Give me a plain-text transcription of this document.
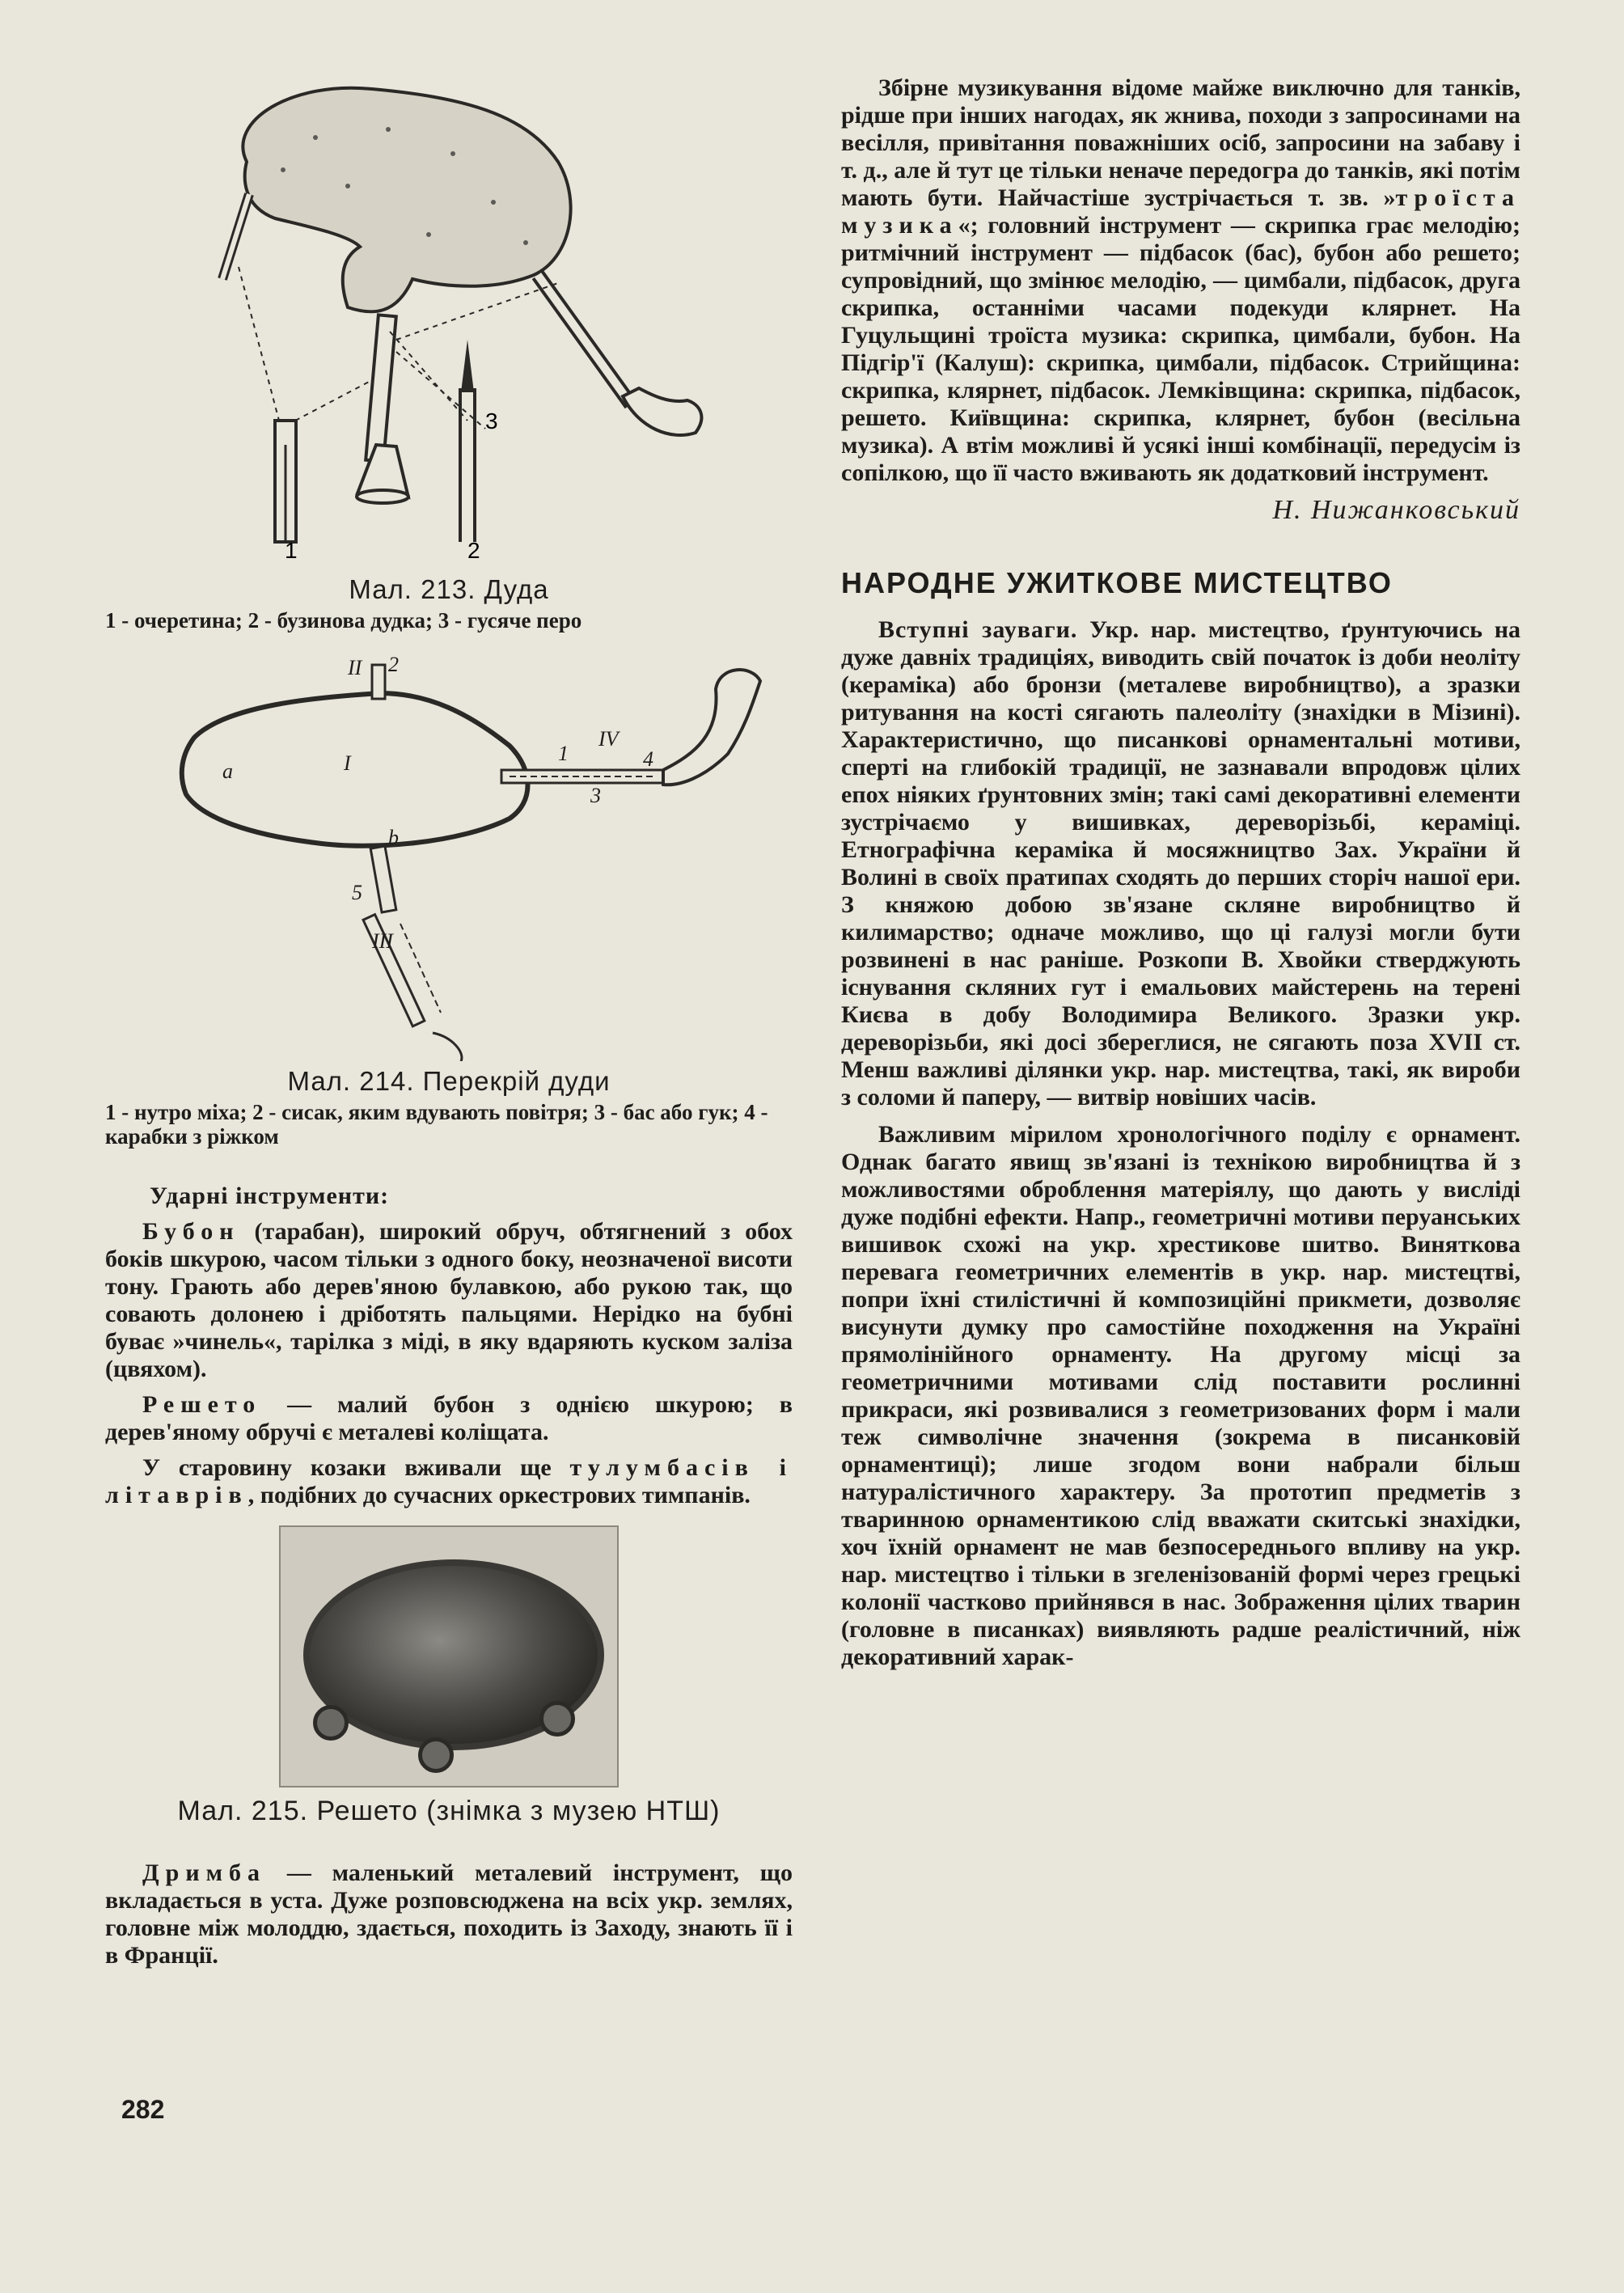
1	2
3

Мал. 213. Дуда

1 - очеретина; 2 - бузинова дудка; 3 - гусяче перо

I
II
III
IV
a
b
1
2
3
4
5

Мал. 214. Перекрій дуди

1 - нутро міха; 2 - сисак, яким вдувають повітря; 3 - бас або гук; 4 - карабки з ріжком

Ударні інструменти:

Бубон (тарабан), широкий обруч, обтягнений з обох боків шкурою, часом тільки з одного боку, неозначеної висоти тону. Грають або дерев'яною булавкою, або рукою так, що совають долонею і дріботять пальцями. Нерідко на бубні буває »чинель«, тарілка з міді, в яку вдаряють куском заліза (цвяхом).

Решето — малий бубон з однією шкурою; в дерев'яному обручі є металеві коліщата.

У старовину козаки вживали ще тулумбасів і літаврів, подібних до сучасних оркестрових тимпанів.

Мал. 215. Решето (знімка з музею НТШ)

Дримба — маленький металевий інструмент, що вкладається в уста. Дуже розповсюджена на всіх укр. землях, головне між молоддю, здається, походить із Заходу, знають її і в Франції.

282

Збірне музикування відоме майже виключно для танків, рідше при інших нагодах, як жнива, походи з запросинами на весілля, привітання поважніших осіб, запросини на забаву і т. д., але й тут це тільки неначе передогра до танків, які потім мають бути. Найчастіше зустрічається т. зв. »троїста музика«; головний інструмент — скрипка грає мелодію; ритмічний інструмент — підбасок (бас), бубон або решето; супровідний, що змінює мелодію, — цимбали, підбасок, друга скрипка, останніми часами подекуди клярнет. На Гуцульщині троїста музика: скрипка, цимбали, бубон. На Підгір'ї (Калуш): скрипка, цимбали, підбасок. Стрийщина: скрипка, клярнет, підбасок. Лемківщина: скрипка, підбасок, решето. Київщина: скрипка, клярнет, бубон (весільна музика). А втім можливі й усякі інші комбінації, передусім із сопілкою, що її часто вживають як додатковий інструмент.

Н. Нижанковський

НАРОДНЕ УЖИТКОВЕ МИСТЕЦТВО

Вступні зауваги. Укр. нар. мистецтво, ґрунтуючись на дуже давніх традиціях, виводить свій початок із доби неоліту (кераміка) або бронзи (металеве виробництво), а зразки ритування на кості сягають палеоліту (знахідки в Мізині). Характеристично, що писанкові орнаментальні мотиви, сперті на глибокій традиції, не зазнавали впродовж цілих епох ніяких ґрунтовних змін; такі самі декоративні елементи зустрічаємо у вишивках, дереворізьбі, кераміці. Етнографічна кераміка й мосяжництво Зах. України й Волині в своїх пратипах сходять до перших сторіч нашої ери. З княжою добою зв'язане скляне виробництво й килимарство; одначе можливо, що ці галузі могли бути розвинені в нас раніше. Розкопи В. Хвойки стверджують існування скляних гут і емальових майстерень на терені Києва в добу Володимира Великого. Зразки укр. дереворізьби, які досі збереглися, не сягають поза XVII ст. Менш важливі ділянки укр. нар. мистецтва, такі, як вироби з соломи й паперу, — витвір новіших часів.

Важливим мірилом хронологічного поділу є орнамент. Однак багато явищ зв'язані із технікою виробництва й з можливостями оброблення матеріялу, що дають у висліді дуже подібні ефекти. Напр., геометричні мотиви перуанських вишивок схожі на укр. хрестикове шитво. Виняткова перевага геометричних елементів в укр. нар. мистецтві, попри їхні стилістичні й композиційні прикмети, дозволяє висунути думку про самостійне походження на Україні прямолінійного орнаменту. На другому місці за геометричними мотивами слід поставити рослинні прикраси, які розвивалися з геометризованих форм і мали теж символічне значення (зокрема в писанковій орнаментиці); лише згодом вони набрали більш натуралістичного характеру. За прототип предметів з тваринною орнаментикою слід вважати скитські знахідки, хоч їхній орнамент не мав безпосереднього впливу на укр. нар. мистецтво і тільки в згеленізованій формі через грецькі колонії частково прийнявся в нас. Зображення цілих тварин (головне в писанках) виявляють радше реалістичний, ніж декоративний харак-
